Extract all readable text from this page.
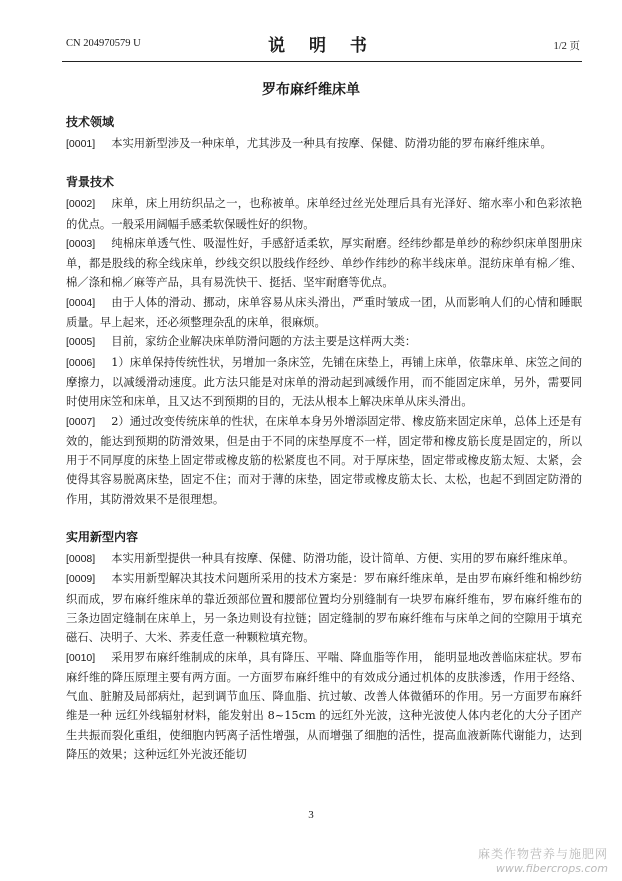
CN 204970579 U	说 明 书	1/2 页
罗布麻纤维床单
技术领域

[0001] 本实用新型涉及一种床单，尤其涉及一种具有按摩、保健、防滑功能的罗布麻纤维床单。

背景技术

[0002] 床单，床上用纺织品之一，也称被单。床单经过丝光处理后具有光泽好、缩水率小和色彩浓艳的优点。一般采用阔幅手感柔软保暖性好的织物。

[0003] 纯棉床单透气性、吸湿性好，手感舒适柔软，厚实耐磨。经纬纱都是单纱的称纱织床单图册床单，都是股线的称全线床单，纱线交织以股线作经纱、单纱作纬纱的称半线床单。混纺床单有棉／维、棉／涤和棉／麻等产品，具有易洗快干、挺括、坚牢耐磨等优点。

[0004] 由于人体的滑动、挪动，床单容易从床头滑出，严重时皱成一团，从而影响人们的心情和睡眠质量。早上起来，还必须整理杂乱的床单，很麻烦。

[0005] 目前，家纺企业解决床单防滑问题的方法主要是这样两大类：

[0006] 1）床单保持传统性状，另增加一条床笠，先铺在床垫上，再铺上床单，依靠床单、床笠之间的摩擦力，以减缓滑动速度。此方法只能是对床单的滑动起到减缓作用，而不能固定床单，另外，需要同时使用床笠和床单，且又达不到预期的目的，无法从根本上解决床单从床头滑出。

[0007] 2）通过改变传统床单的性状，在床单本身另外增添固定带、橡皮筋来固定床单，总体上还是有效的，能达到预期的防滑效果，但是由于不同的床垫厚度不一样，固定带和橡皮筋长度是固定的，所以用于不同厚度的床垫上固定带或橡皮筋的松紧度也不同。对于厚床垫，固定带或橡皮筋太短、太紧，会使得其容易脱离床垫，固定不住；而对于薄的床垫，固定带或橡皮筋太长、太松，也起不到固定防滑的作用，其防滑效果不是很理想。

实用新型内容

[0008] 本实用新型提供一种具有按摩、保健、防滑功能，设计简单、方便、实用的罗布麻纤维床单。

[0009] 本实用新型解决其技术问题所采用的技术方案是：罗布麻纤维床单，是由罗布麻纤维和棉纱纺织而成，罗布麻纤维床单的靠近颈部位置和腰部位置均分别缝制有一块罗布麻纤维布，罗布麻纤维布的三条边固定缝制在床单上，另一条边则设有拉链；固定缝制的罗布麻纤维布与床单之间的空隙用于填充磁石、决明子、大米、荞麦任意一种颗粒填充物。

[0010] 采用罗布麻纤维制成的床单，具有降压、平喘、降血脂等作用， 能明显地改善临床症状。罗布麻纤维的降压原理主要有两方面。一方面罗布麻纤维中的有效成分通过机体的皮肤渗透，作用于经络、气血、脏腑及局部病灶，起到调节血压、降血脂、抗过敏、改善人体微循环的作用。另一方面罗布麻纤维是一种 远红外线辐射材料，能发射出 8~15cm 的远红外光波，这种光波使人体内老化的大分子团产生共振而裂化重组，使细胞内钙离子活性增强，从而增强了细胞的活性，提高血液新陈代谢能力，达到降压的效果；这种远红外光波还能切

3
麻类作物营养与施肥网
www.fibercrops.com
